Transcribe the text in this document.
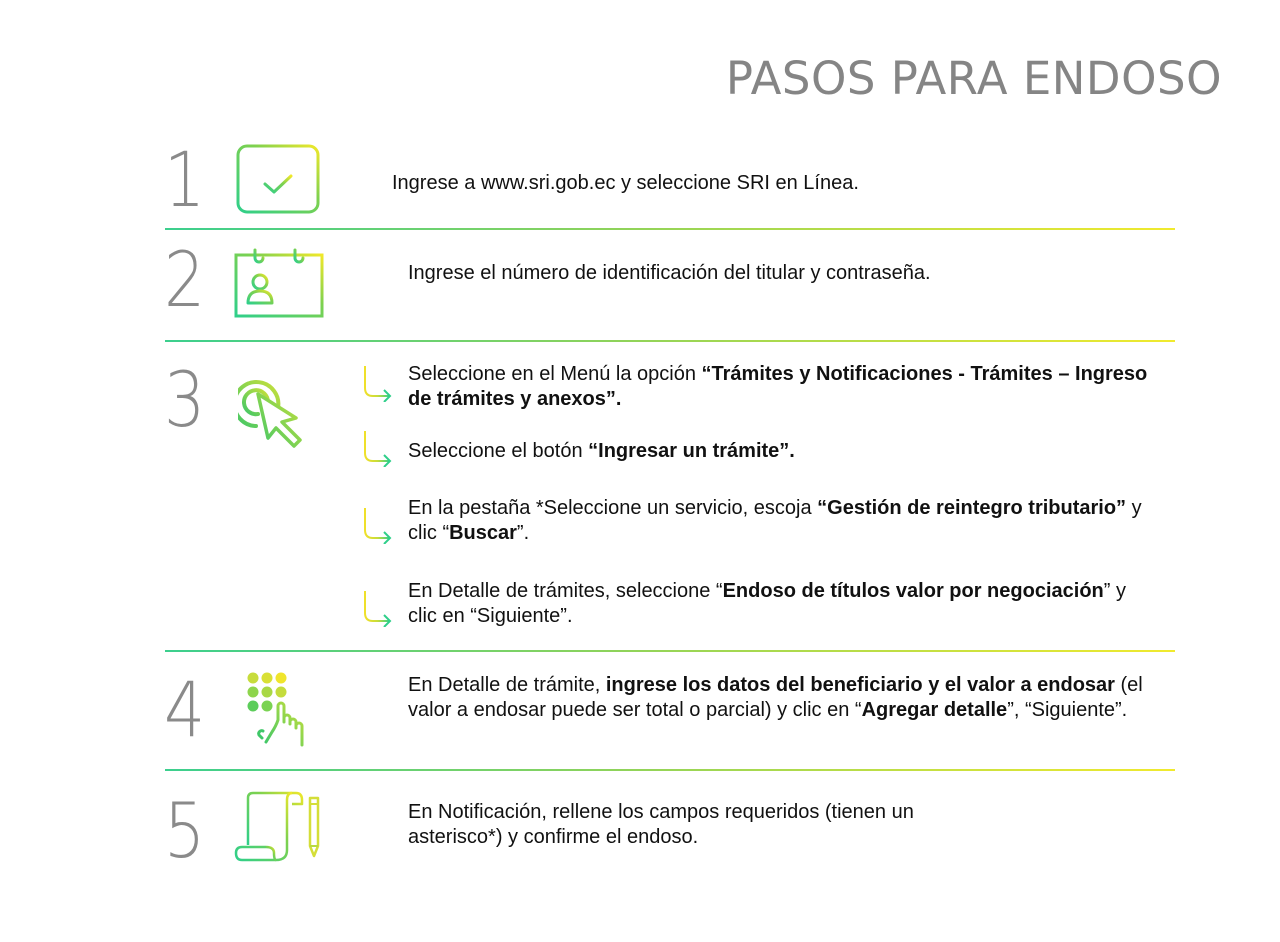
PASOS PARA ENDOSO
1	Ingrese a www.sri.gob.ec y seleccione SRI en Línea.
2	Ingrese el número de identificación del titular y contraseña.
3	Seleccione en el Menú la opción “Trámites y Notificaciones - Trámites – Ingreso de trámites y anexos”.
Seleccione el botón “Ingresar un trámite”.
En la pestaña *Seleccione un servicio, escoja “Gestión de reintegro tributario” y clic “Buscar”.
En Detalle de trámites, seleccione “Endoso de títulos valor por negociación” y clic en “Siguiente”.
4	En Detalle de trámite, ingrese los datos del beneficiario y el valor a endosar (el valor a endosar puede ser total o parcial) y clic en “Agregar detalle”, “Siguiente”.
5	En Notificación, rellene los campos requeridos (tienen un asterisco*) y confirme el endoso.
